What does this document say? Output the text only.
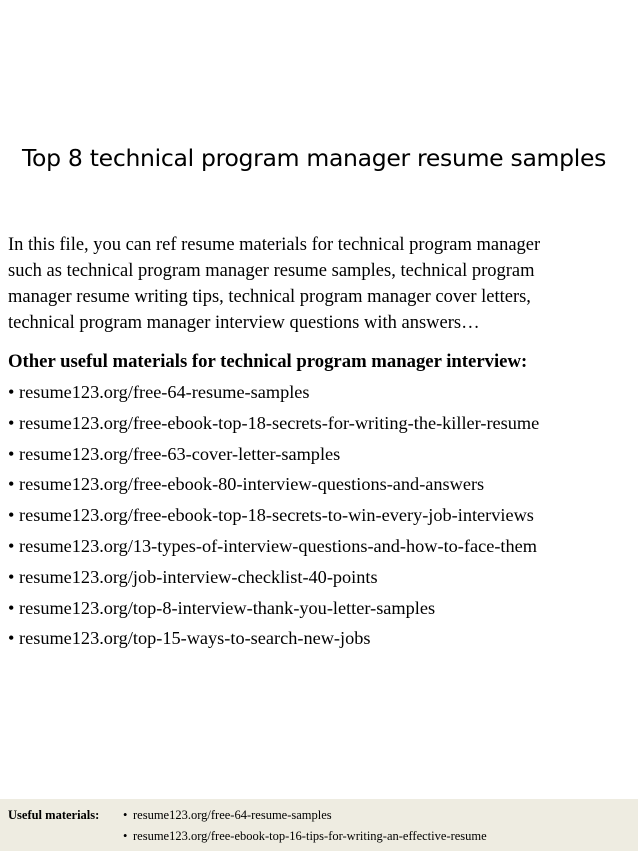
Top 8 technical program manager resume samples
In this file, you can ref resume materials for technical program manager
such as technical program manager resume samples, technical program
manager resume writing tips, technical program manager cover letters,
technical program manager interview questions with answers…
Other useful materials for technical program manager interview:
• resume123.org/free-64-resume-samples
• resume123.org/free-ebook-top-18-secrets-for-writing-the-killer-resume
• resume123.org/free-63-cover-letter-samples
• resume123.org/free-ebook-80-interview-questions-and-answers
• resume123.org/free-ebook-top-18-secrets-to-win-every-job-interviews
• resume123.org/13-types-of-interview-questions-and-how-to-face-them
• resume123.org/job-interview-checklist-40-points
• resume123.org/top-8-interview-thank-you-letter-samples
• resume123.org/top-15-ways-to-search-new-jobs
Useful materials: • resume123.org/free-64-resume-samples
• resume123.org/free-ebook-top-16-tips-for-writing-an-effective-resume
